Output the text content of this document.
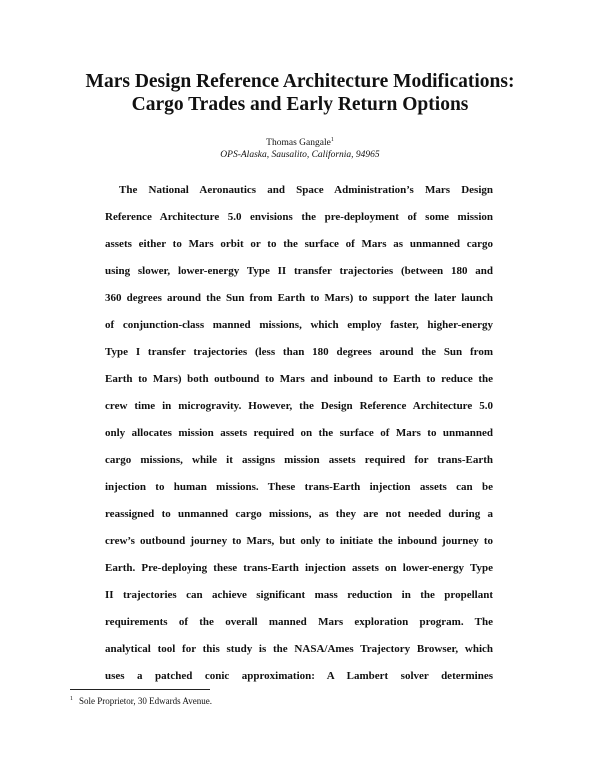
Mars Design Reference Architecture Modifications:
Cargo Trades and Early Return Options
Thomas Gangale$^1$
OPS-Alaska, Sausalito, California, 94965
The National Aeronautics and Space Administration’s Mars Design
Reference Architecture 5.0 envisions the pre-deployment of some mission
assets either to Mars orbit or to the surface of Mars as unmanned cargo
using slower, lower-energy Type II transfer trajectories (between 180 and
360 degrees around the Sun from Earth to Mars) to support the later launch
of conjunction-class manned missions, which employ faster, higher-energy
Type I transfer trajectories (less than 180 degrees around the Sun from
Earth to Mars) both outbound to Mars and inbound to Earth to reduce the
crew time in microgravity. However, the Design Reference Architecture 5.0
only allocates mission assets required on the surface of Mars to unmanned
cargo missions, while it assigns mission assets required for trans-Earth
injection to human missions. These trans-Earth injection assets can be
reassigned to unmanned cargo missions, as they are not needed during a
crew’s outbound journey to Mars, but only to initiate the inbound journey to
Earth. Pre-deploying these trans-Earth injection assets on lower-energy Type
II trajectories can achieve significant mass reduction in the propellant
requirements of the overall manned Mars exploration program. The
analytical tool for this study is the NASA/Ames Trajectory Browser, which
uses a patched conic approximation: A Lambert solver determines
$^1$ Sole Proprietor, 30 Edwards Avenue.
